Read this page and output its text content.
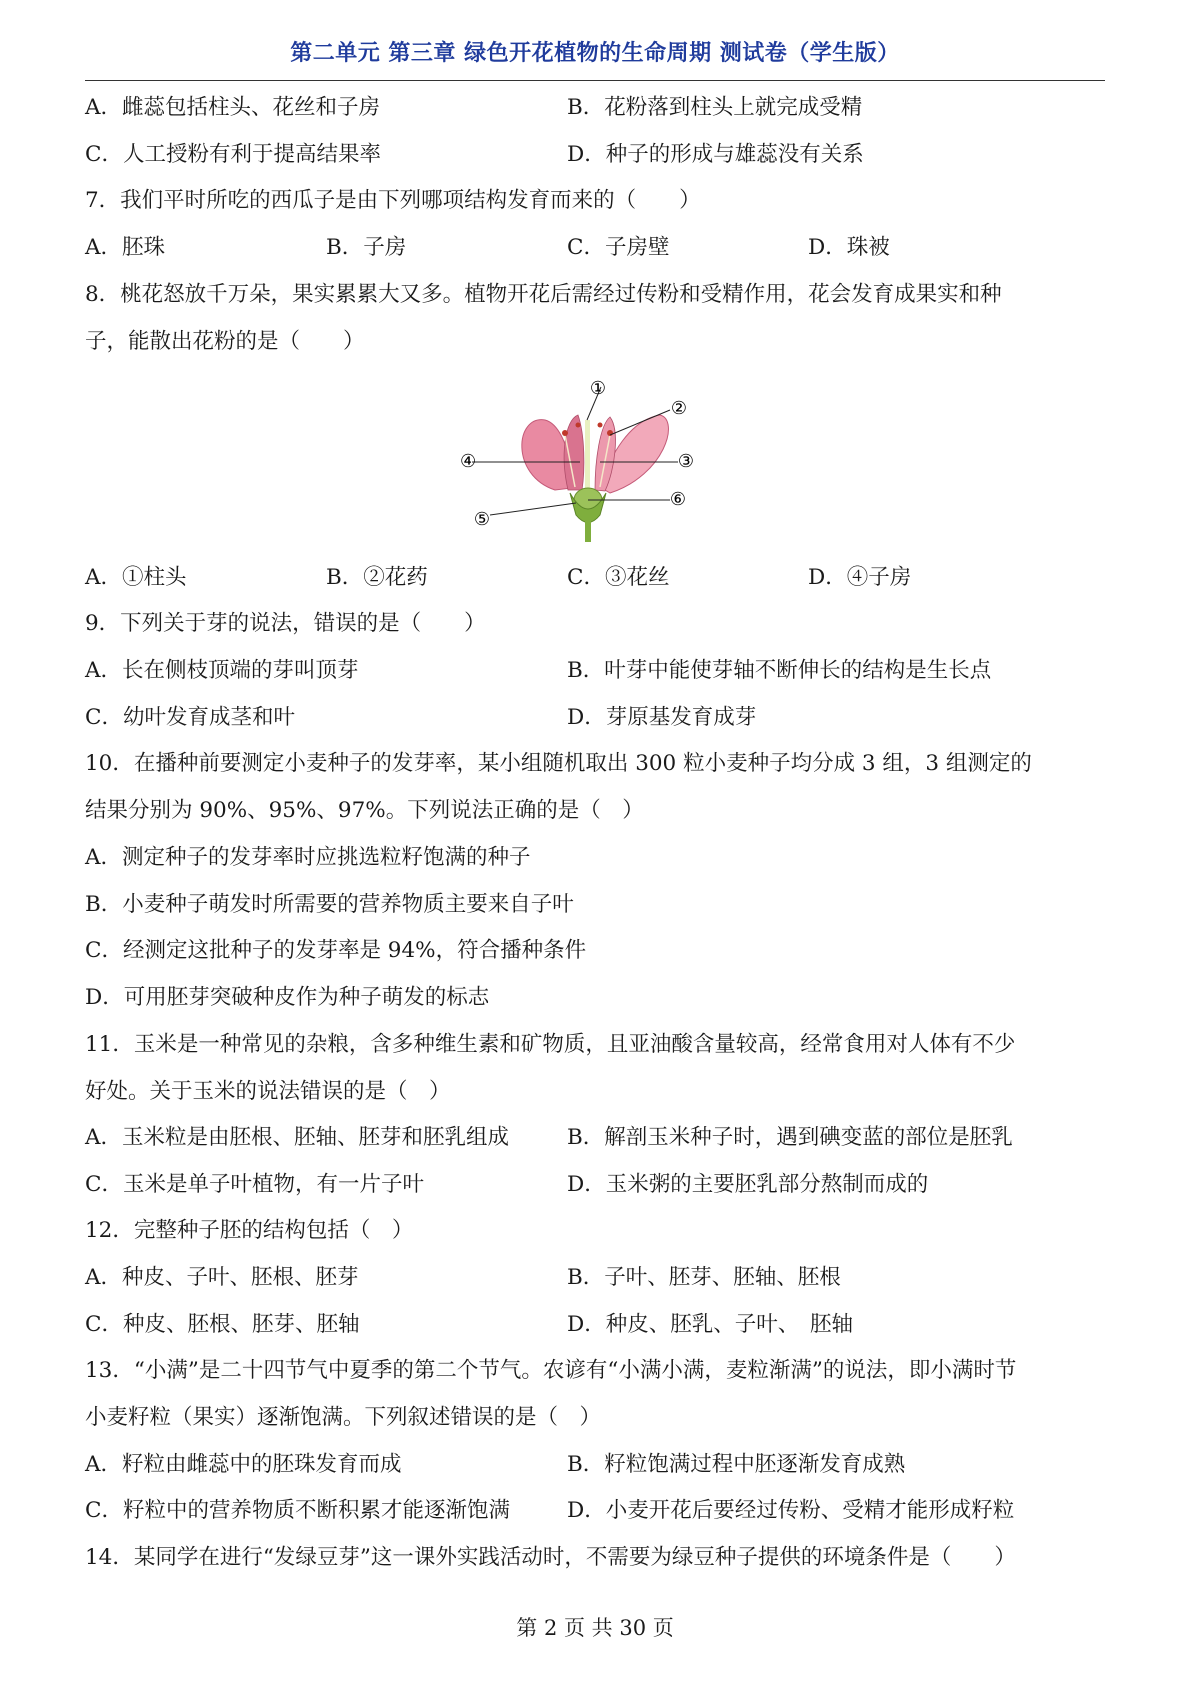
第二单元 第三章 绿色开花植物的生命周期 测试卷（学生版）
A．雌蕊包括柱头、花丝和子房	B．花粉落到柱头上就完成受精
C．人工授粉有利于提高结果率	D．种子的形成与雄蕊没有关系
7．我们平时所吃的西瓜子是由下列哪项结构发育而来的（　　）
A．胚珠	B．子房	C．子房壁	D．珠被
8．桃花怒放千万朵，果实累累大又多。植物开花后需经过传粉和受精作用，花会发育成果实和种
子，能散出花粉的是（　　）
①
②
③
④
⑤
⑥
A．①柱头	B．②花药	C．③花丝	D．④子房
9．下列关于芽的说法，错误的是（　　）
A．长在侧枝顶端的芽叫顶芽	B．叶芽中能使芽轴不断伸长的结构是生长点
C．幼叶发育成茎和叶	D．芽原基发育成芽
10．在播种前要测定小麦种子的发芽率，某小组随机取出 300 粒小麦种子均分成 3 组，3 组测定的
结果分别为 90%、95%、97%。下列说法正确的是（　）
A．测定种子的发芽率时应挑选粒籽饱满的种子
B．小麦种子萌发时所需要的营养物质主要来自子叶
C．经测定这批种子的发芽率是 94%，符合播种条件
D．可用胚芽突破种皮作为种子萌发的标志
11．玉米是一种常见的杂粮，含多种维生素和矿物质，且亚油酸含量较高，经常食用对人体有不少
好处。关于玉米的说法错误的是（　）
A．玉米粒是由胚根、胚轴、胚芽和胚乳组成	B．解剖玉米种子时，遇到碘变蓝的部位是胚乳
C．玉米是单子叶植物，有一片子叶	D．玉米粥的主要胚乳部分熬制而成的
12．完整种子胚的结构包括（　）
A．种皮、子叶、胚根、胚芽	B．子叶、胚芽、胚轴、胚根
C．种皮、胚根、胚芽、胚轴	D．种皮、胚乳、子叶、　胚轴
13．“小满”是二十四节气中夏季的第二个节气。农谚有“小满小满，麦粒渐满”的说法，即小满时节
小麦籽粒（果实）逐渐饱满。下列叙述错误的是（　）
A．籽粒由雌蕊中的胚珠发育而成	B．籽粒饱满过程中胚逐渐发育成熟
C．籽粒中的营养物质不断积累才能逐渐饱满	D．小麦开花后要经过传粉、受精才能形成籽粒
14．某同学在进行“发绿豆芽”这一课外实践活动时，不需要为绿豆种子提供的环境条件是（　　）
第 2 页 共 30 页
